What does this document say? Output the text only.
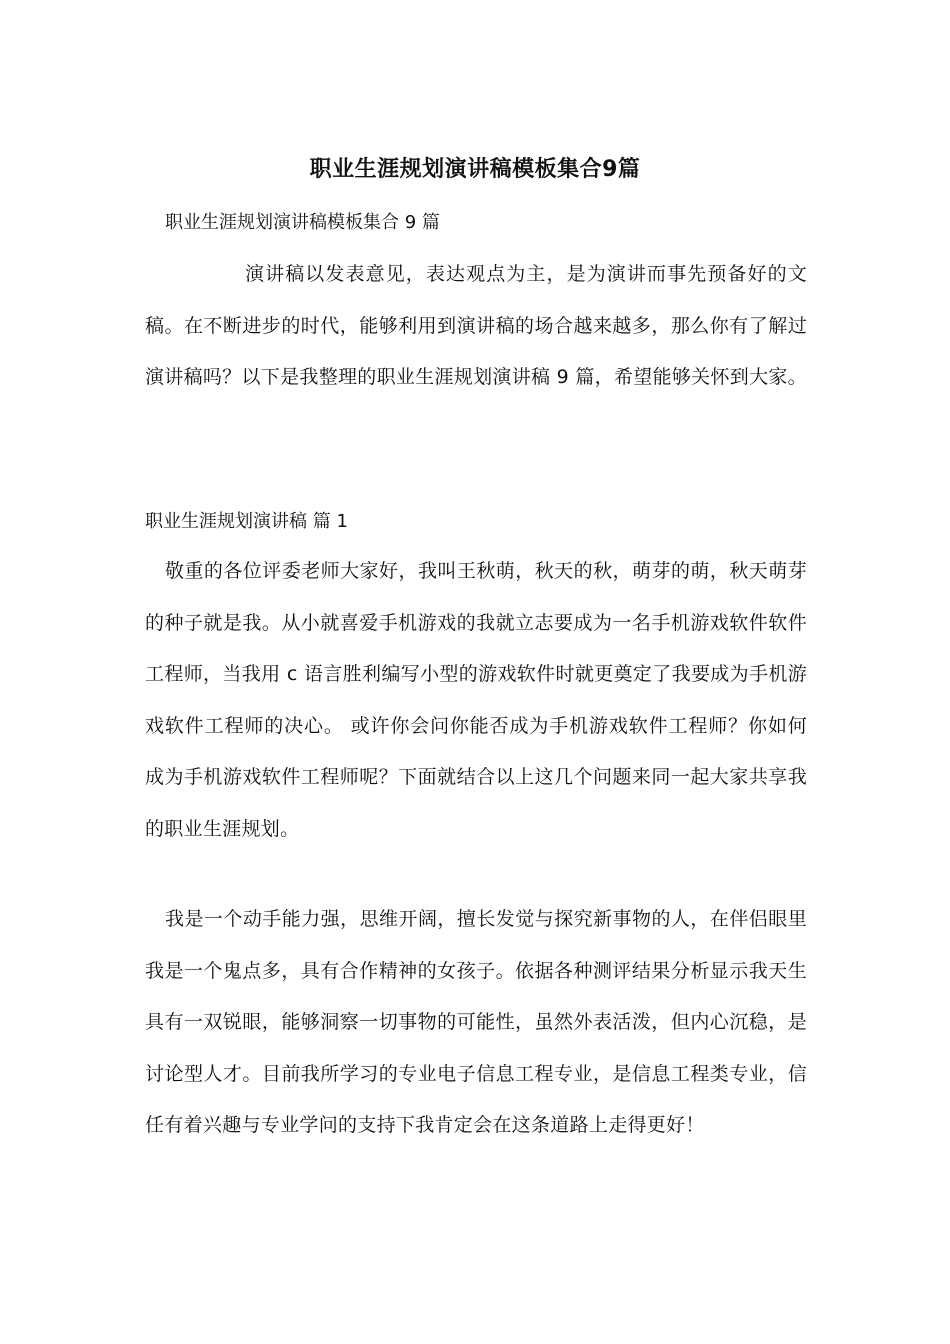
职业生涯规划演讲稿模板集合9篇
职业生涯规划演讲稿模板集合 9 篇
演讲稿以发表意见，表达观点为主，是为演讲而事先预备好的文稿。在不断进步的时代，能够利用到演讲稿的场合越来越多，那么你有了解过演讲稿吗？以下是我整理的职业生涯规划演讲稿 9 篇，希望能够关怀到大家。
职业生涯规划演讲稿 篇 1
敬重的各位评委老师大家好，我叫王秋萌，秋天的秋，萌芽的萌，秋天萌芽的种子就是我。从小就喜爱手机游戏的我就立志要成为一名手机游戏软件软件工程师，当我用 c 语言胜利编写小型的游戏软件时就更奠定了我要成为手机游戏软件工程师的决心。 或许你会问你能否成为手机游戏软件工程师？你如何成为手机游戏软件工程师呢？下面就结合以上这几个问题来同一起大家共享我的职业生涯规划。
我是一个动手能力强，思维开阔，擅长发觉与探究新事物的人，在伴侣眼里我是一个鬼点多，具有合作精神的女孩子。依据各种测评结果分析显示我天生具有一双锐眼，能够洞察一切事物的可能性，虽然外表活泼，但内心沉稳，是讨论型人才。目前我所学习的专业电子信息工程专业，是信息工程类专业，信任有着兴趣与专业学问的支持下我肯定会在这条道路上走得更好！
